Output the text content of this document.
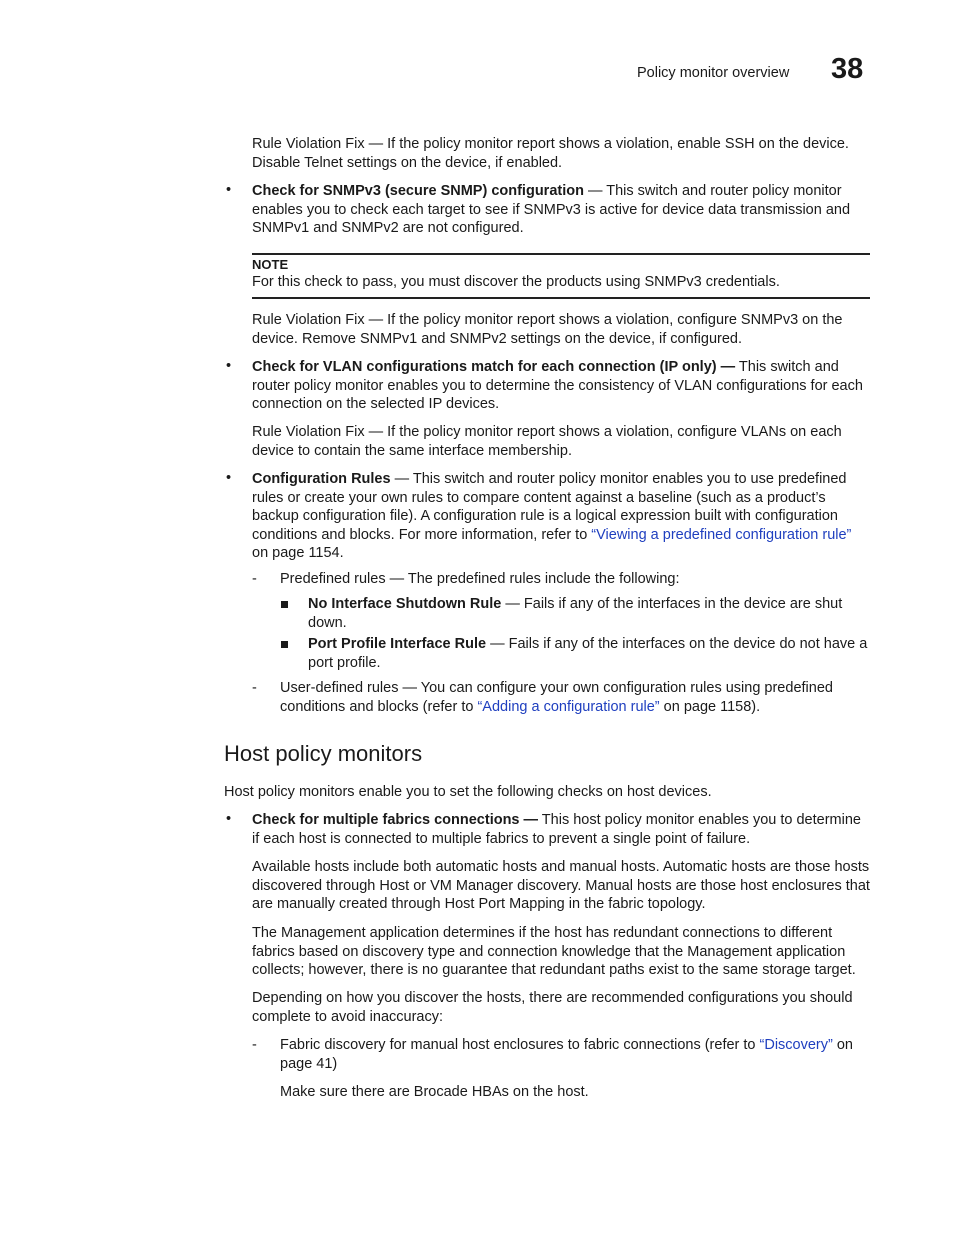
Policy monitor overview 38

Rule Violation Fix — If the policy monitor report shows a violation, enable SSH on the device. Disable Telnet settings on the device, if enabled.

• Check for SNMPv3 (secure SNMP) configuration — This switch and router policy monitor enables you to check each target to see if SNMPv3 is active for device data transmission and SNMPv1 and SNMPv2 are not configured.

NOTE

For this check to pass, you must discover the products using SNMPv3 credentials.

Rule Violation Fix — If the policy monitor report shows a violation, configure SNMPv3 on the device. Remove SNMPv1 and SNMPv2 settings on the device, if configured.

• Check for VLAN configurations match for each connection (IP only) — This switch and router policy monitor enables you to determine the consistency of VLAN configurations for each connection on the selected IP devices.

Rule Violation Fix — If the policy monitor report shows a violation, configure VLANs on each device to contain the same interface membership.

• Configuration Rules — This switch and router policy monitor enables you to use predefined rules or create your own rules to compare content against a baseline (such as a product’s backup configuration file). A configuration rule is a logical expression built with configuration conditions and blocks. For more information, refer to “Viewing a predefined configuration rule” on page 1154.

- Predefined rules — The predefined rules include the following:

No Interface Shutdown Rule — Fails if any of the interfaces in the device are shut down.

Port Profile Interface Rule — Fails if any of the interfaces on the device do not have a port profile.

- User-defined rules — You can configure your own configuration rules using predefined conditions and blocks (refer to “Adding a configuration rule” on page 1158).

Host policy monitors

Host policy monitors enable you to set the following checks on host devices.

• Check for multiple fabrics connections — This host policy monitor enables you to determine if each host is connected to multiple fabrics to prevent a single point of failure.

Available hosts include both automatic hosts and manual hosts. Automatic hosts are those hosts discovered through Host or VM Manager discovery. Manual hosts are those host enclosures that are manually created through Host Port Mapping in the fabric topology.

The Management application determines if the host has redundant connections to different fabrics based on discovery type and connection knowledge that the Management application collects; however, there is no guarantee that redundant paths exist to the same storage target.

Depending on how you discover the hosts, there are recommended configurations you should complete to avoid inaccuracy:

- Fabric discovery for manual host enclosures to fabric connections (refer to “Discovery” on page 41)

Make sure there are Brocade HBAs on the host.
